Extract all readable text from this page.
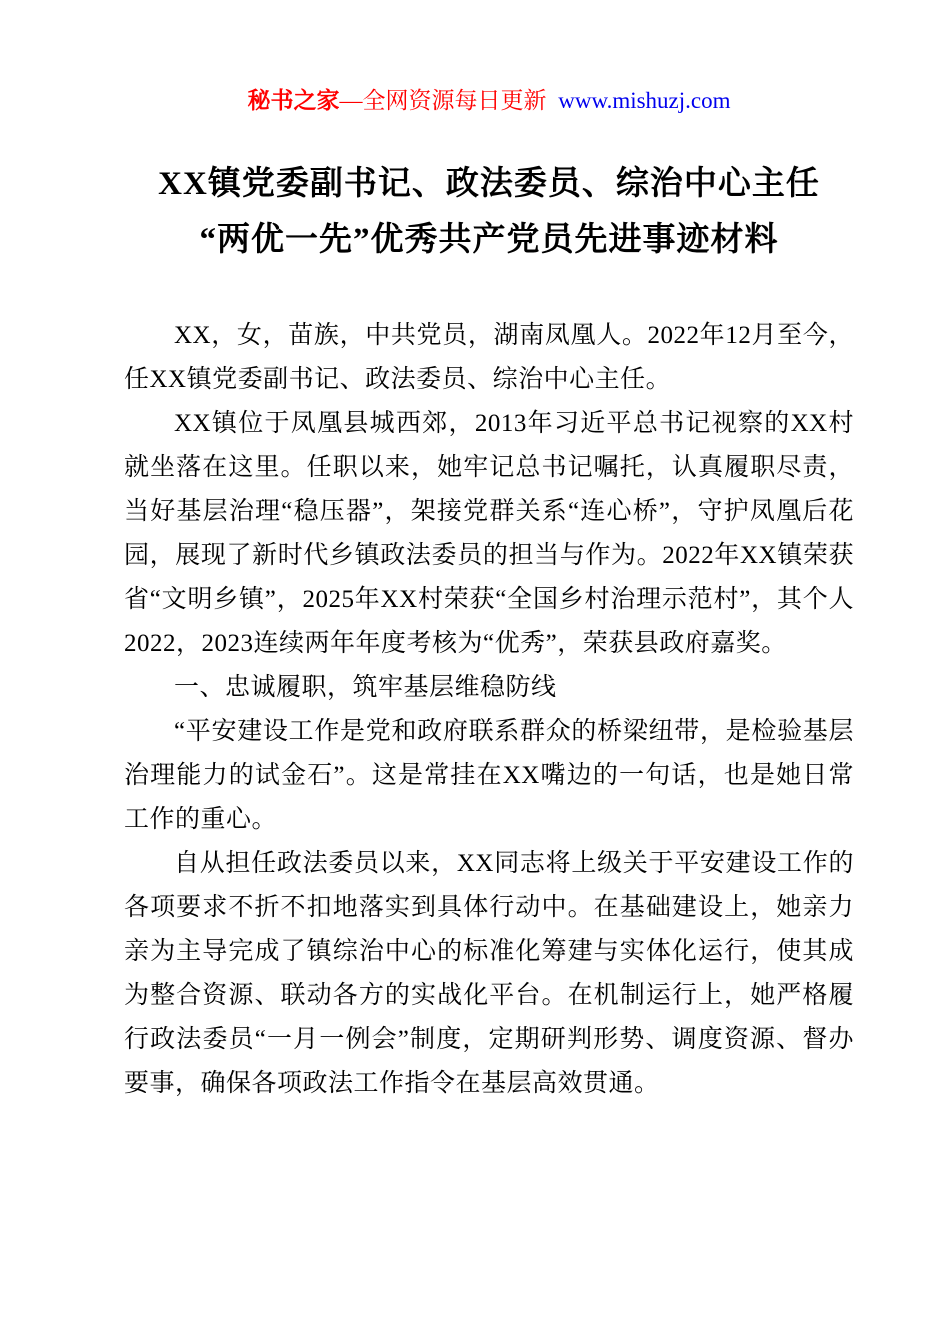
秘书之家—全网资源每日更新 www.mishuzj.com
XX镇党委副书记、政法委员、综治中心主任
“两优一先”优秀共产党员先进事迹材料

XX，女，苗族，中共党员，湖南凤凰人。2022年12月至今，任XX镇党委副书记、政法委员、综治中心主任。

XX镇位于凤凰县城西郊，2013年习近平总书记视察的XX村就坐落在这里。任职以来，她牢记总书记嘱托，认真履职尽责，当好基层治理“稳压器”，架接党群关系“连心桥”，守护凤凰后花园，展现了新时代乡镇政法委员的担当与作为。2022年XX镇荣获省“文明乡镇”，2025年XX村荣获“全国乡村治理示范村”，其个人2022，2023连续两年年度考核为“优秀”，荣获县政府嘉奖。

一、忠诚履职，筑牢基层维稳防线

“平安建设工作是党和政府联系群众的桥梁纽带，是检验基层治理能力的试金石”。这是常挂在XX嘴边的一句话，也是她日常工作的重心。

自从担任政法委员以来，XX同志将上级关于平安建设工作的各项要求不折不扣地落实到具体行动中。在基础建设上，她亲力亲为主导完成了镇综治中心的标准化筹建与实体化运行，使其成为整合资源、联动各方的实战化平台。在机制运行上，她严格履行政法委员“一月一例会”制度，定期研判形势、调度资源、督办要事，确保各项政法工作指令在基层高效贯通。
